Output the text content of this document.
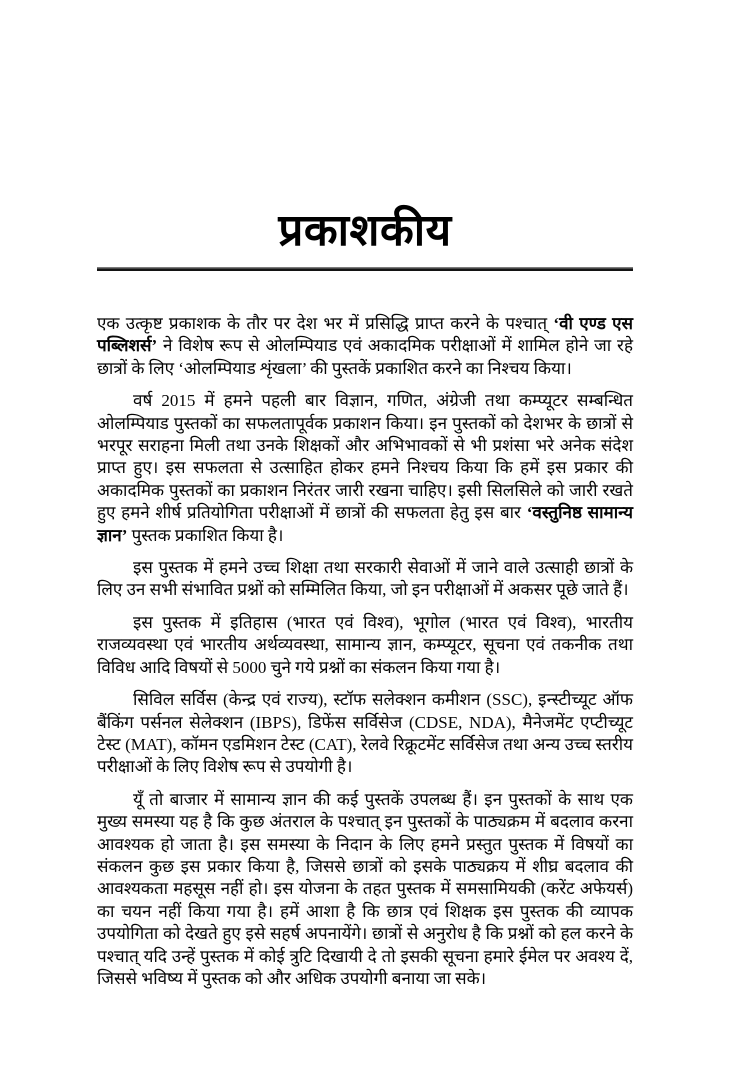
प्रकाशकीय

एक उत्कृष्ट प्रकाशक के तौर पर देश भर में प्रसिद्धि प्राप्त करने के पश्चात् ‘वी एण्ड एस पब्लिशर्स’ ने विशेष रूप से ओलम्पियाड एवं अकादमिक परीक्षाओं में शामिल होने जा रहे छात्रों के लिए ‘ओलम्पियाड शृंखला’ की पुस्तकें प्रकाशित करने का निश्चय किया।

वर्ष 2015 में हमने पहली बार विज्ञान, गणित, अंग्रेजी तथा कम्प्यूटर सम्बन्धित ओलम्पियाड पुस्तकों का सफलतापूर्वक प्रकाशन किया। इन पुस्तकों को देशभर के छात्रों से भरपूर सराहना मिली तथा उनके शिक्षकों और अभिभावकों से भी प्रशंसा भरे अनेक संदेश प्राप्त हुए। इस सफलता से उत्साहित होकर हमने निश्चय किया कि हमें इस प्रकार की अकादमिक पुस्तकों का प्रकाशन निरंतर जारी रखना चाहिए। इसी सिलसिले को जारी रखते हुए हमने शीर्ष प्रतियोगिता परीक्षाओं में छात्रों की सफलता हेतु इस बार ‘वस्तुनिष्ठ सामान्य ज्ञान’ पुस्तक प्रकाशित किया है।

इस पुस्तक में हमने उच्च शिक्षा तथा सरकारी सेवाओं में जाने वाले उत्साही छात्रों के लिए उन सभी संभावित प्रश्नों को सम्मिलित किया, जो इन परीक्षाओं में अकसर पूछे जाते हैं।

इस पुस्तक में इतिहास (भारत एवं विश्व), भूगोल (भारत एवं विश्व), भारतीय राजव्यवस्था एवं भारतीय अर्थव्यवस्था, सामान्य ज्ञान, कम्प्यूटर, सूचना एवं तकनीक तथा विविध आदि विषयों से 5000 चुने गये प्रश्नों का संकलन किया गया है।

सिविल सर्विस (केन्द्र एवं राज्य), स्टॉफ सलेक्शन कमीशन (SSC), इन्स्टीच्यूट ऑफ बैंकिंग पर्सनल सेलेक्शन (IBPS), डिफेंस सर्विसेज (CDSE, NDA), मैनेजमेंट एप्टीच्यूट टेस्ट (MAT), कॉमन एडमिशन टेस्ट (CAT), रेलवे रिक्रूटमेंट सर्विसेज तथा अन्य उच्च स्तरीय परीक्षाओं के लिए विशेष रूप से उपयोगी है।

यूँ तो बाजार में सामान्य ज्ञान की कई पुस्तकें उपलब्ध हैं। इन पुस्तकों के साथ एक मुख्य समस्या यह है कि कुछ अंतराल के पश्चात् इन पुस्तकों के पाठ्यक्रम में बदलाव करना आवश्यक हो जाता है। इस समस्या के निदान के लिए हमने प्रस्तुत पुस्तक में विषयों का संकलन कुछ इस प्रकार किया है, जिससे छात्रों को इसके पाठ्यक्रय में शीघ्र बदलाव की आवश्यकता महसूस नहीं हो। इस योजना के तहत पुस्तक में समसामियकी (करेंट अफेयर्स) का चयन नहीं किया गया है। हमें आशा है कि छात्र एवं शिक्षक इस पुस्तक की व्यापक उपयोगिता को देखते हुए इसे सहर्ष अपनायेंगे। छात्रों से अनुरोध है कि प्रश्नों को हल करने के पश्चात् यदि उन्हें पुस्तक में कोई त्रुटि दिखायी दे तो इसकी सूचना हमारे ईमेल पर अवश्य दें, जिससे भविष्य में पुस्तक को और अधिक उपयोगी बनाया जा सके।
